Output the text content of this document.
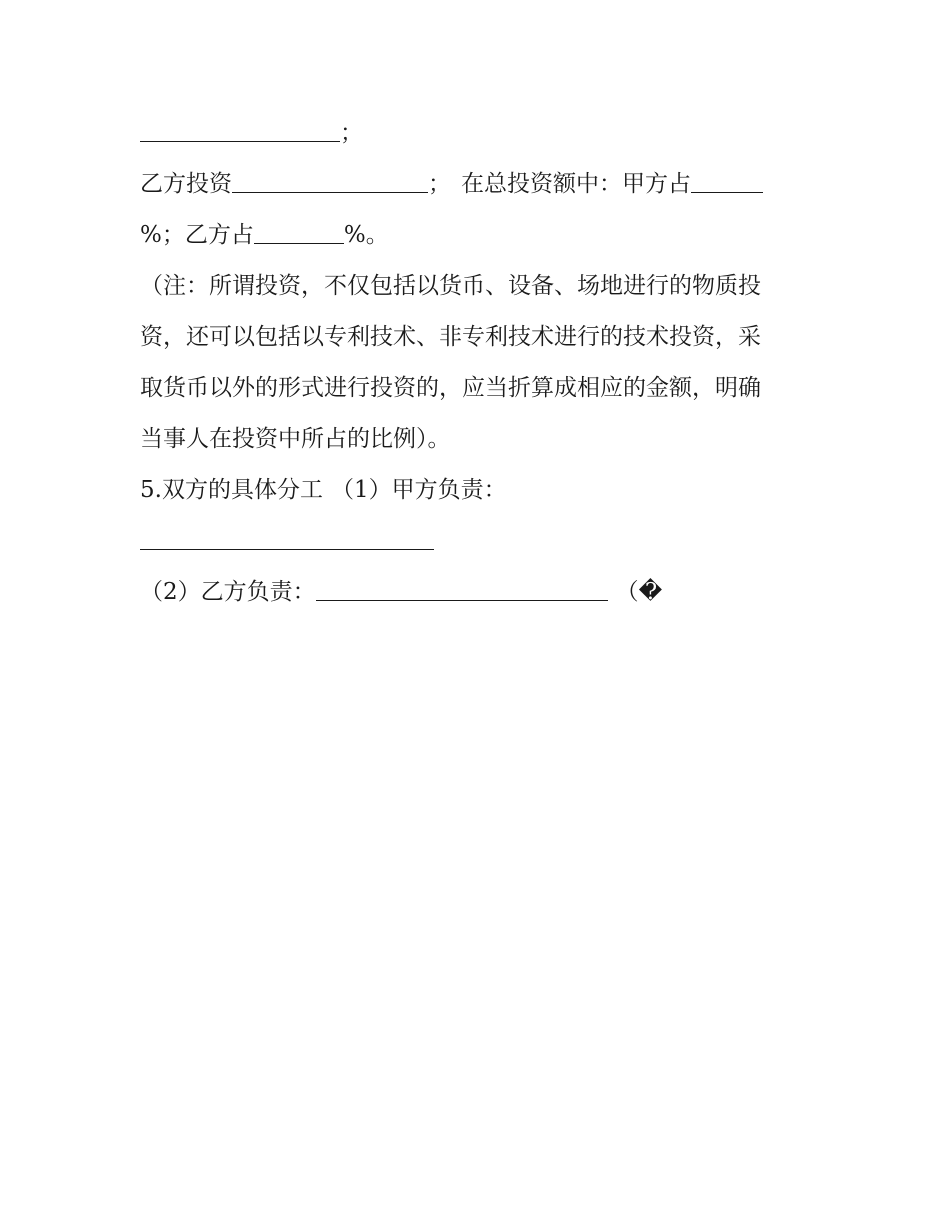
；
乙方投资	； 在总投资额中：甲方占
%；乙方占	%。
（注：所谓投资，不仅包括以货币、设备、场地进行的物质投
资，还可以包括以专利技术、非专利技术进行的技术投资，采
取货币以外的形式进行投资的，应当折算成相应的金额，明确
当事人在投资中所占的比例）。
5.双方的具体分工 （1）甲方负责：
（2）乙方负责：	（�
